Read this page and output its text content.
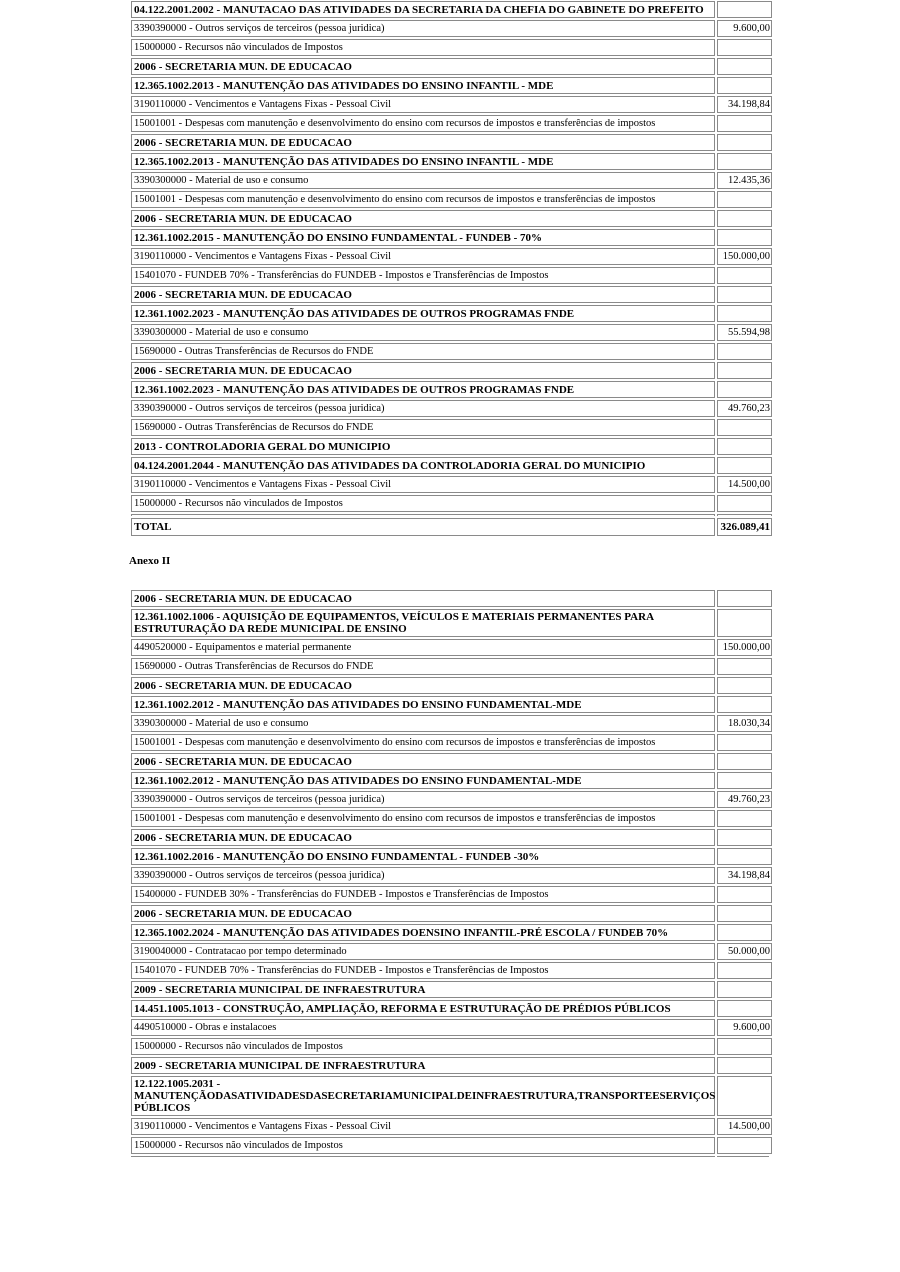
04.122.2001.2002 - MANUTACAO DAS ATIVIDADES DA SECRETARIA DA CHEFIA DO GABINETE DO PREFEITO	
3390390000 - Outros serviços de terceiros (pessoa juridica)	9.600,00
15000000 - Recursos não vinculados de Impostos	
2006 - SECRETARIA MUN. DE EDUCACAO	
12.365.1002.2013 - MANUTENÇÃO DAS ATIVIDADES DO ENSINO INFANTIL - MDE	
3190110000 - Vencimentos e Vantagens Fixas - Pessoal Civil	34.198,84
15001001 - Despesas com manutenção e desenvolvimento do ensino com recursos de impostos e transferências de impostos	
2006 - SECRETARIA MUN. DE EDUCACAO	
12.365.1002.2013 - MANUTENÇÃO DAS ATIVIDADES DO ENSINO INFANTIL - MDE	
3390300000 - Material de uso e consumo	12.435,36
15001001 - Despesas com manutenção e desenvolvimento do ensino com recursos de impostos e transferências de impostos	
2006 - SECRETARIA MUN. DE EDUCACAO	
12.361.1002.2015 - MANUTENÇÃO DO ENSINO FUNDAMENTAL - FUNDEB - 70%	
3190110000 - Vencimentos e Vantagens Fixas - Pessoal Civil	150.000,00
15401070 - FUNDEB 70% - Transferências do FUNDEB - Impostos e Transferências de Impostos	
2006 - SECRETARIA MUN. DE EDUCACAO	
12.361.1002.2023 - MANUTENÇÃO DAS ATIVIDADES DE OUTROS PROGRAMAS FNDE	
3390300000 - Material de uso e consumo	55.594,98
15690000 - Outras Transferências de Recursos do FNDE	
2006 - SECRETARIA MUN. DE EDUCACAO	
12.361.1002.2023 - MANUTENÇÃO DAS ATIVIDADES DE OUTROS PROGRAMAS FNDE	
3390390000 - Outros serviços de terceiros (pessoa juridica)	49.760,23
15690000 - Outras Transferências de Recursos do FNDE	
2013 - CONTROLADORIA GERAL DO MUNICIPIO	
04.124.2001.2044 - MANUTENÇÃO DAS ATIVIDADES DA CONTROLADORIA GERAL DO MUNICIPIO	
3190110000 - Vencimentos e Vantagens Fixas - Pessoal Civil	14.500,00
15000000 - Recursos não vinculados de Impostos	

TOTAL	326.089,41
Anexo II
2006 - SECRETARIA MUN. DE EDUCACAO	
12.361.1002.1006 - AQUISIÇÃO DE EQUIPAMENTOS, VEÍCULOS E MATERIAIS PERMANENTES PARA ESTRUTURAÇÃO DA REDE MUNICIPAL DE ENSINO	
4490520000 - Equipamentos e material permanente	150.000,00
15690000 - Outras Transferências de Recursos do FNDE	
2006 - SECRETARIA MUN. DE EDUCACAO	
12.361.1002.2012 - MANUTENÇÃO DAS ATIVIDADES DO ENSINO FUNDAMENTAL-MDE	
3390300000 - Material de uso e consumo	18.030,34
15001001 - Despesas com manutenção e desenvolvimento do ensino com recursos de impostos e transferências de impostos	
2006 - SECRETARIA MUN. DE EDUCACAO	
12.361.1002.2012 - MANUTENÇÃO DAS ATIVIDADES DO ENSINO FUNDAMENTAL-MDE	
3390390000 - Outros serviços de terceiros (pessoa juridica)	49.760,23
15001001 - Despesas com manutenção e desenvolvimento do ensino com recursos de impostos e transferências de impostos	
2006 - SECRETARIA MUN. DE EDUCACAO	
12.361.1002.2016 - MANUTENÇÃO DO ENSINO FUNDAMENTAL - FUNDEB -30%	
3390390000 - Outros serviços de terceiros (pessoa juridica)	34.198,84
15400000 - FUNDEB 30% - Transferências do FUNDEB - Impostos e Transferências de Impostos	
2006 - SECRETARIA MUN. DE EDUCACAO	
12.365.1002.2024 - MANUTENÇÃO DAS ATIVIDADES DOENSINO INFANTIL-PRÉ ESCOLA / FUNDEB 70%	
3190040000 - Contratacao por tempo determinado	50.000,00
15401070 - FUNDEB 70% - Transferências do FUNDEB - Impostos e Transferências de Impostos	
2009 - SECRETARIA MUNICIPAL DE INFRAESTRUTURA	
14.451.1005.1013 - CONSTRUÇÃO, AMPLIAÇÃO, REFORMA E ESTRUTURAÇÃO DE PRÉDIOS PÚBLICOS	
4490510000 - Obras e instalacoes	9.600,00
15000000 - Recursos não vinculados de Impostos	
2009 - SECRETARIA MUNICIPAL DE INFRAESTRUTURA	
12.122.1005.2031 - MANUTENÇÃODASATIVIDADESDASECRETARIAMUNICIPALDEINFRAESTRUTURA,TRANSPORTEESERVIÇOS PÚBLICOS	
3190110000 - Vencimentos e Vantagens Fixas - Pessoal Civil	14.500,00
15000000 - Recursos não vinculados de Impostos	
